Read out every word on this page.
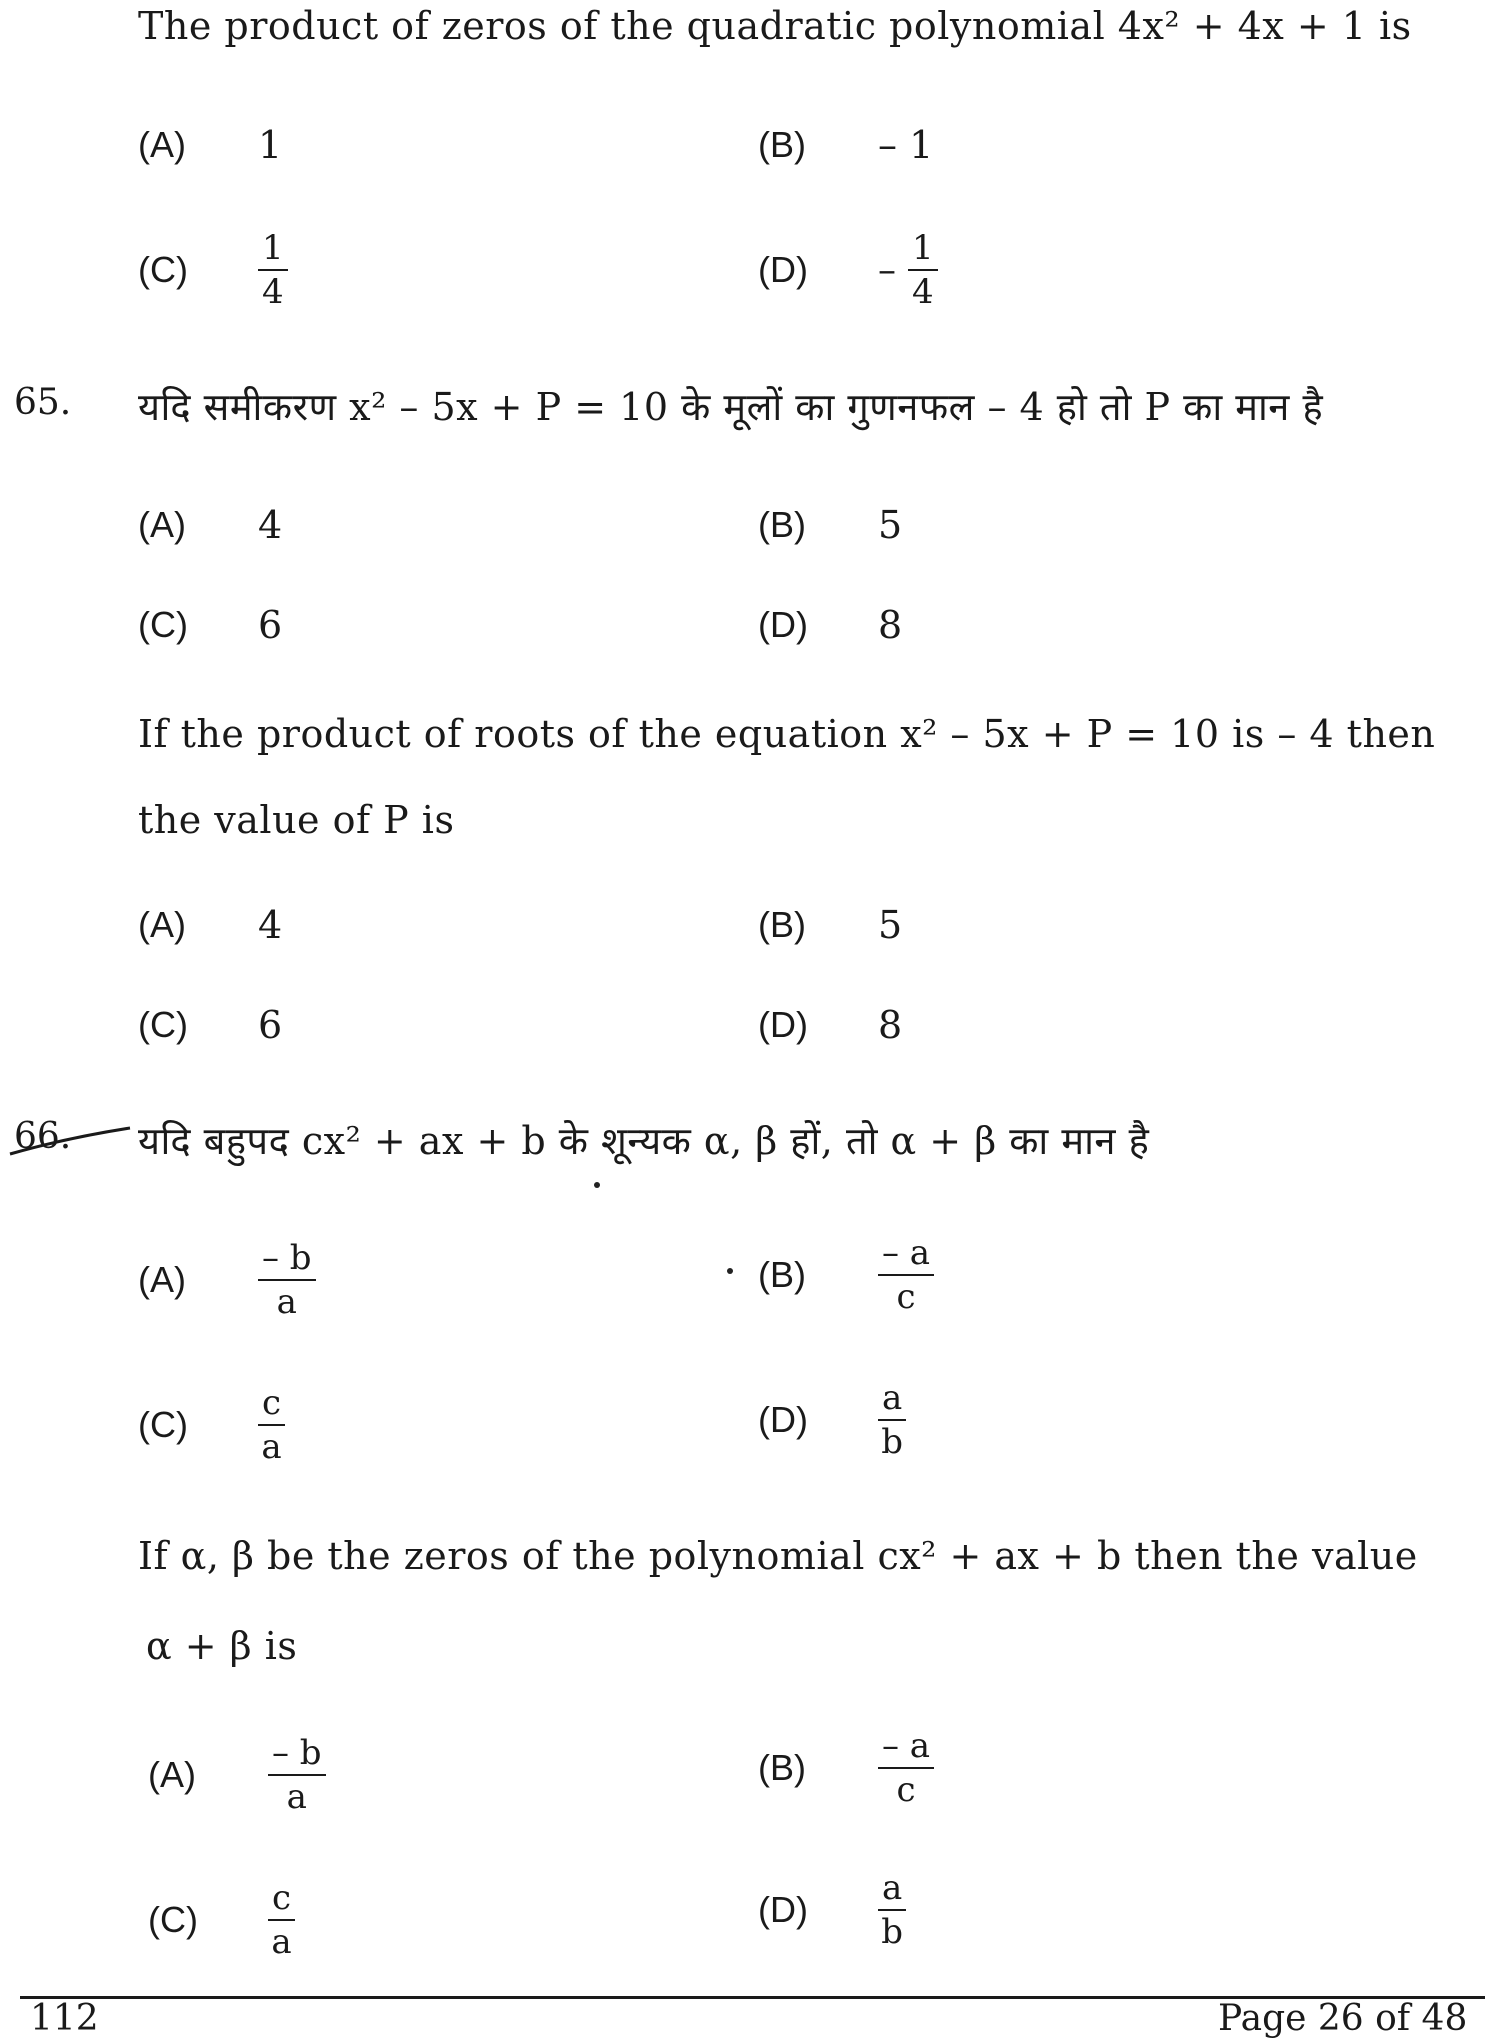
The product of zeros of the quadratic polynomial 4x² + 4x + 1 is
(A)	1	(B)	– 1
(C)	$\frac{1}{4}$	(D)	– $\frac{1}{4}$
65. यदि समीकरण x² – 5x + P = 10 के मूलों का गुणनफल – 4 हो तो P का मान है
(A)	4	(B)	5
(C)	6	(D)	8
If the product of roots of the equation x² – 5x + P = 10 is – 4 then
the value of P is
(A)	4	(B)	5
(C)	6	(D)	8
66. यदि बहुपद cx² + ax + b के शून्यक α, β हों, तो α + β का मान है
(A)	$\frac{- b}{a}$	(B)	$\frac{- a}{c}$
(C)	$\frac{c}{a}$	(D)	$\frac{a}{b}$
If α, β be the zeros of the polynomial cx² + ax + b then the value
α + β is
(A)	$\frac{- b}{a}$	(B)	$\frac{- a}{c}$
(C)	$\frac{c}{a}$	(D)	$\frac{a}{b}$
112	Page 26 of 48
